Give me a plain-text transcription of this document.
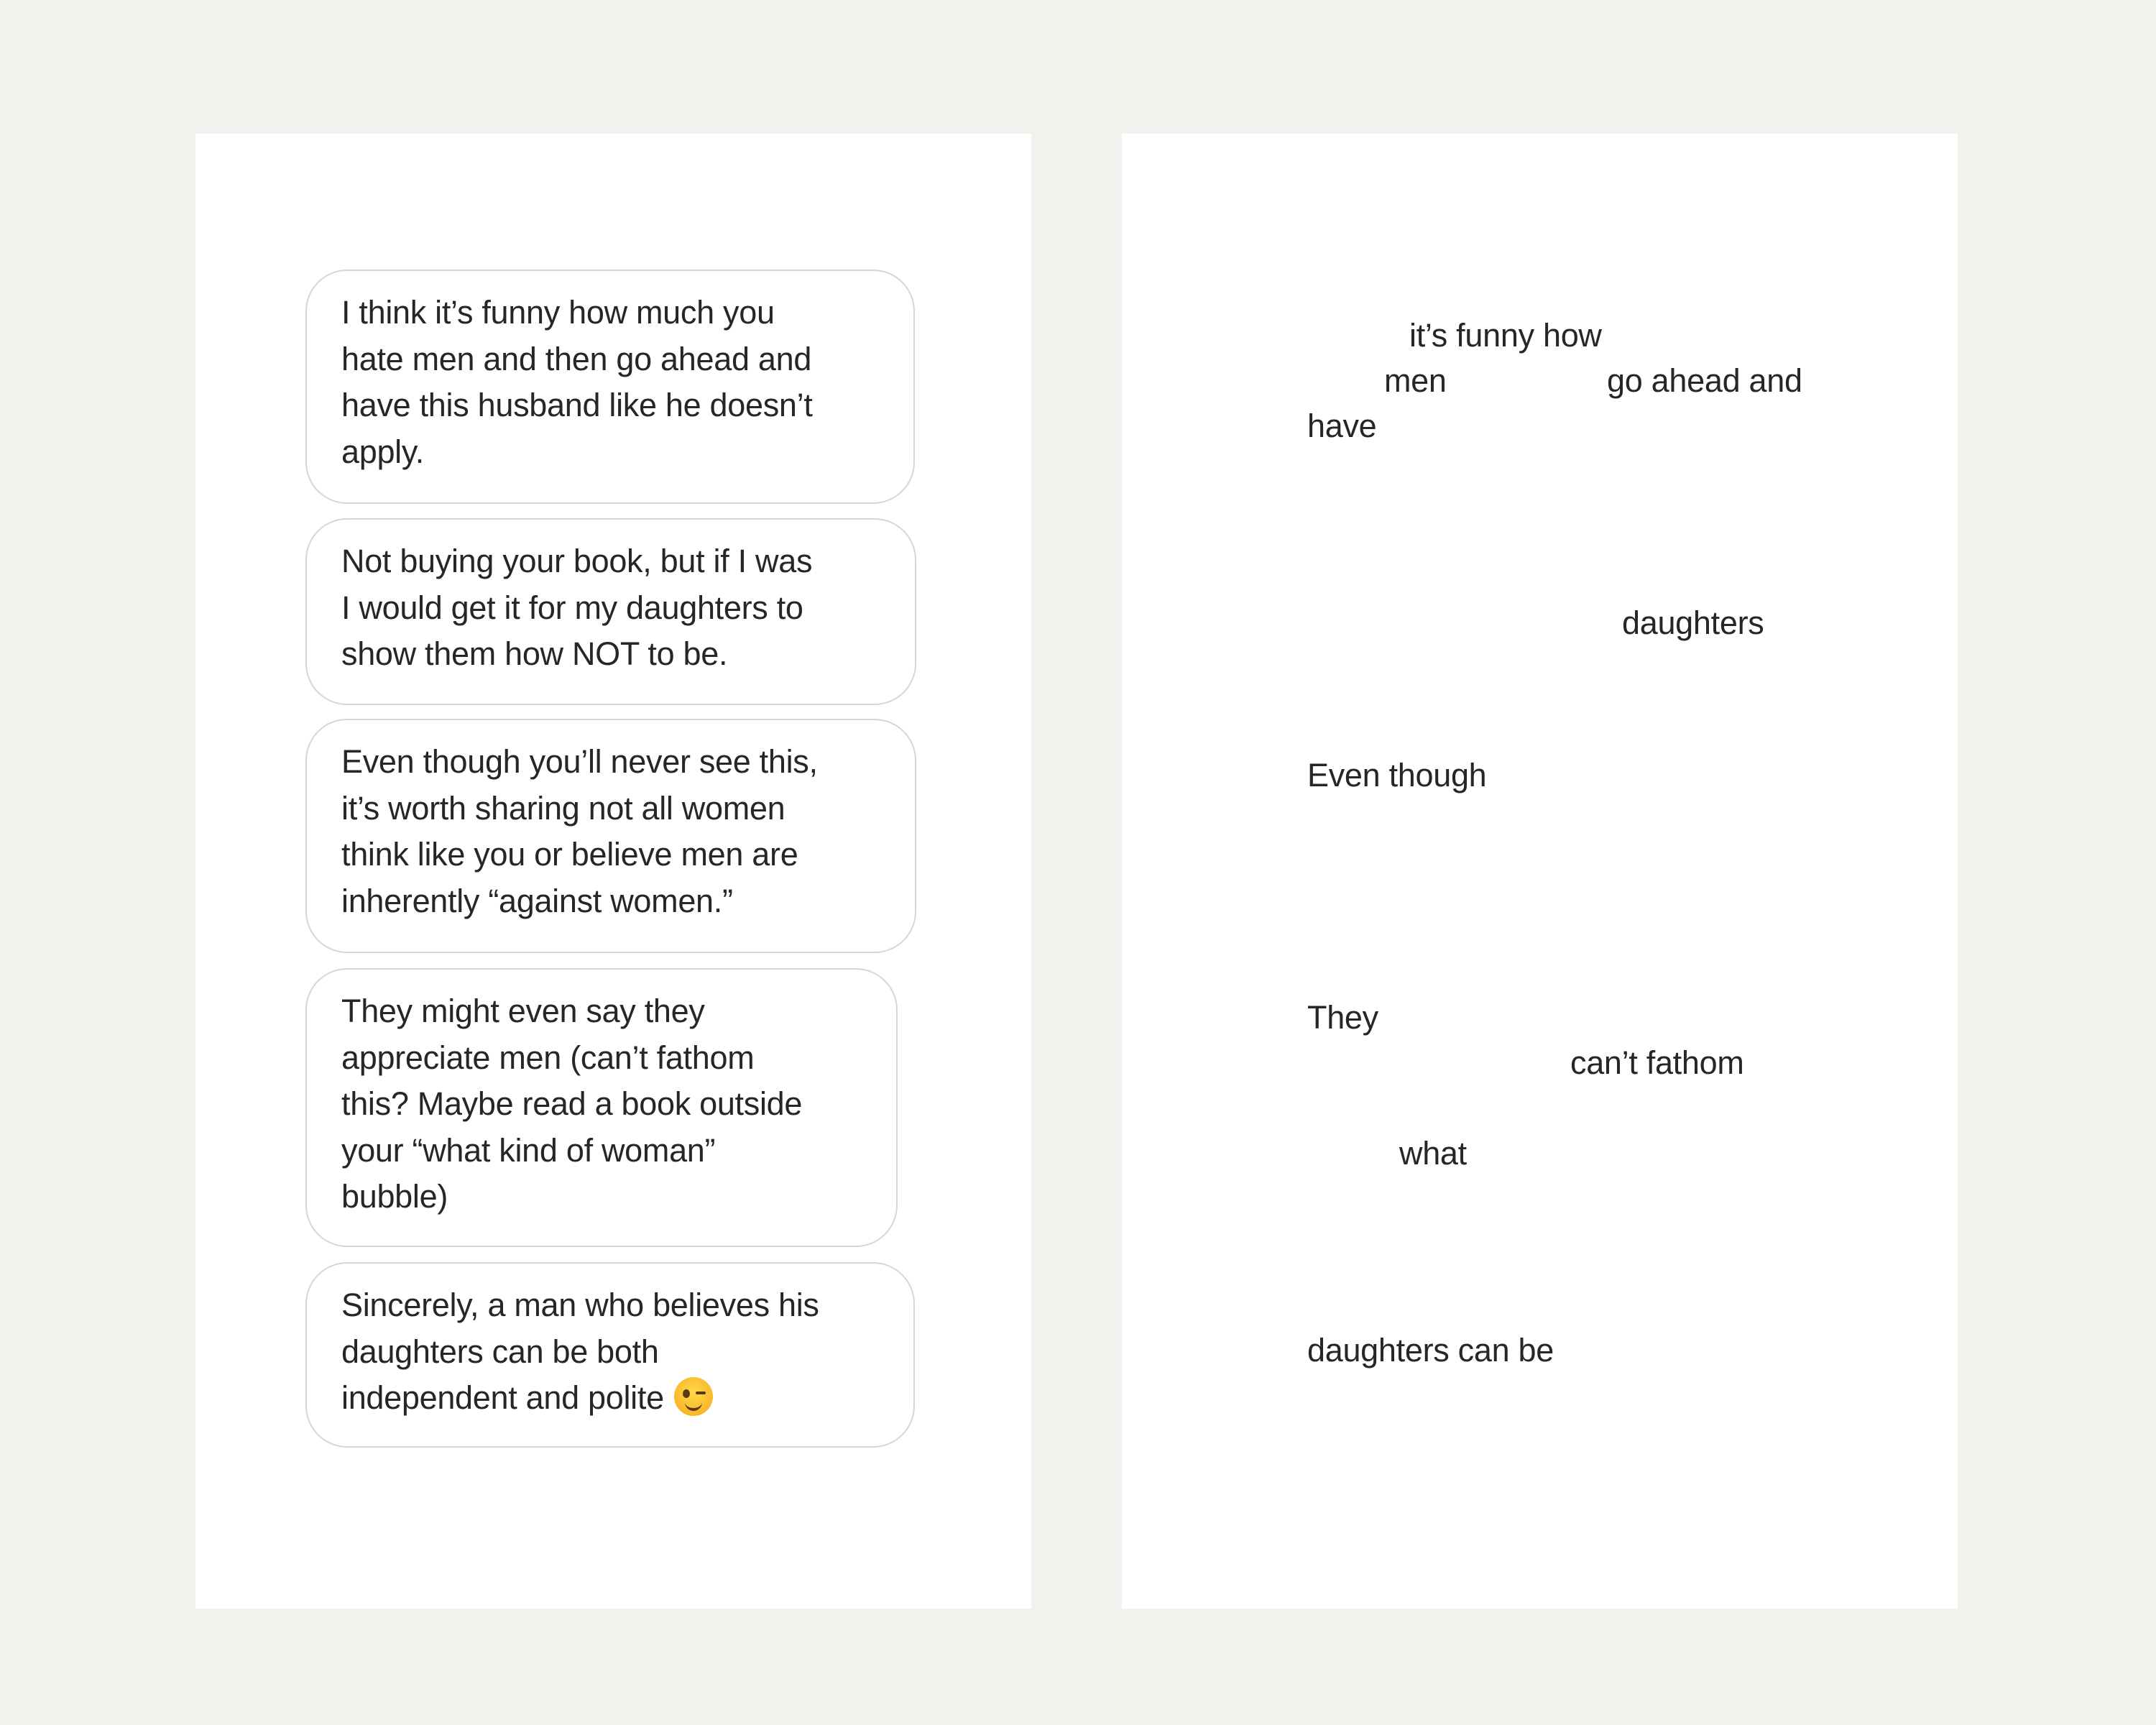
I think it’s funny how much you
hate men and then go ahead and
have this husband like he doesn’t
apply.
Not buying your book, but if I was
I would get it for my daughters to
show them how NOT to be.
Even though you’ll never see this,
it’s worth sharing not all women
think like you or believe men are
inherently “against women.”
They might even say they
appreciate men (can’t fathom
this? Maybe read a book outside
your “what kind of woman”
bubble)
Sincerely, a man who believes his
daughters can be both
independent and polite
it’s funny how
men	go ahead and
have
daughters
Even though
They
can’t fathom
what
daughters can be
